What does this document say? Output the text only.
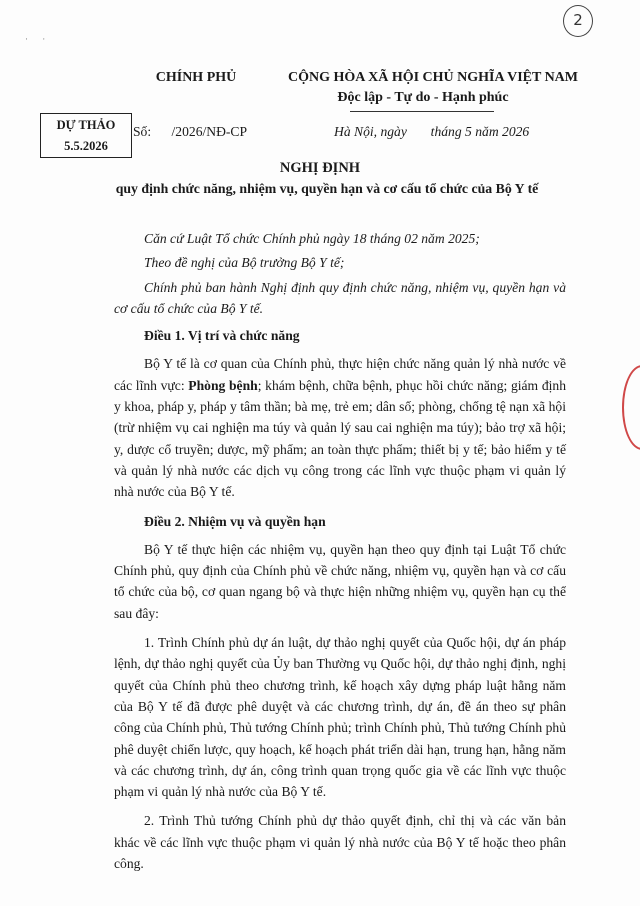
· ·
2
CHÍNH PHỦ	CỘNG HÒA XÃ HỘI CHỦ NGHĨA VIỆT NAM
Độc lập - Tự do - Hạnh phúc
DỰ THẢO
5.5.2026
Số:      /2026/NĐ-CP	Hà Nội, ngày       tháng 5 năm 2026
NGHỊ ĐỊNH
quy định chức năng, nhiệm vụ, quyền hạn và cơ cấu tổ chức của Bộ Y tế

Căn cứ Luật Tổ chức Chính phủ ngày 18 tháng 02 năm 2025;

Theo đề nghị của Bộ trưởng Bộ Y tế;

Chính phủ ban hành Nghị định quy định chức năng, nhiệm vụ, quyền hạn và cơ cấu tổ chức của Bộ Y tế.

Điều 1. Vị trí và chức năng

Bộ Y tế là cơ quan của Chính phủ, thực hiện chức năng quản lý nhà nước về các lĩnh vực: Phòng bệnh; khám bệnh, chữa bệnh, phục hồi chức năng; giám định y khoa, pháp y, pháp y tâm thần; bà mẹ, trẻ em; dân số; phòng, chống tệ nạn xã hội (trừ nhiệm vụ cai nghiện ma túy và quản lý sau cai nghiện ma túy); bảo trợ xã hội; y, dược cổ truyền; dược, mỹ phẩm; an toàn thực phẩm; thiết bị y tế; bảo hiểm y tế và quản lý nhà nước các dịch vụ công trong các lĩnh vực thuộc phạm vi quản lý nhà nước của Bộ Y tế.

Điều 2. Nhiệm vụ và quyền hạn

Bộ Y tế thực hiện các nhiệm vụ, quyền hạn theo quy định tại Luật Tổ chức Chính phủ, quy định của Chính phủ về chức năng, nhiệm vụ, quyền hạn và cơ cấu tổ chức của bộ, cơ quan ngang bộ và thực hiện những nhiệm vụ, quyền hạn cụ thể sau đây:

1. Trình Chính phủ dự án luật, dự thảo nghị quyết của Quốc hội, dự án pháp lệnh, dự thảo nghị quyết của Ủy ban Thường vụ Quốc hội, dự thảo nghị định, nghị quyết của Chính phủ theo chương trình, kế hoạch xây dựng pháp luật hằng năm của Bộ Y tế đã được phê duyệt và các chương trình, dự án, đề án theo sự phân công của Chính phủ, Thủ tướng Chính phủ; trình Chính phủ, Thủ tướng Chính phủ phê duyệt chiến lược, quy hoạch, kế hoạch phát triển dài hạn, trung hạn, hằng năm và các chương trình, dự án, công trình quan trọng quốc gia về các lĩnh vực thuộc phạm vi quản lý nhà nước của Bộ Y tế.

2. Trình Thủ tướng Chính phủ dự thảo quyết định, chỉ thị và các văn bản khác về các lĩnh vực thuộc phạm vi quản lý nhà nước của Bộ Y tế hoặc theo phân công.
